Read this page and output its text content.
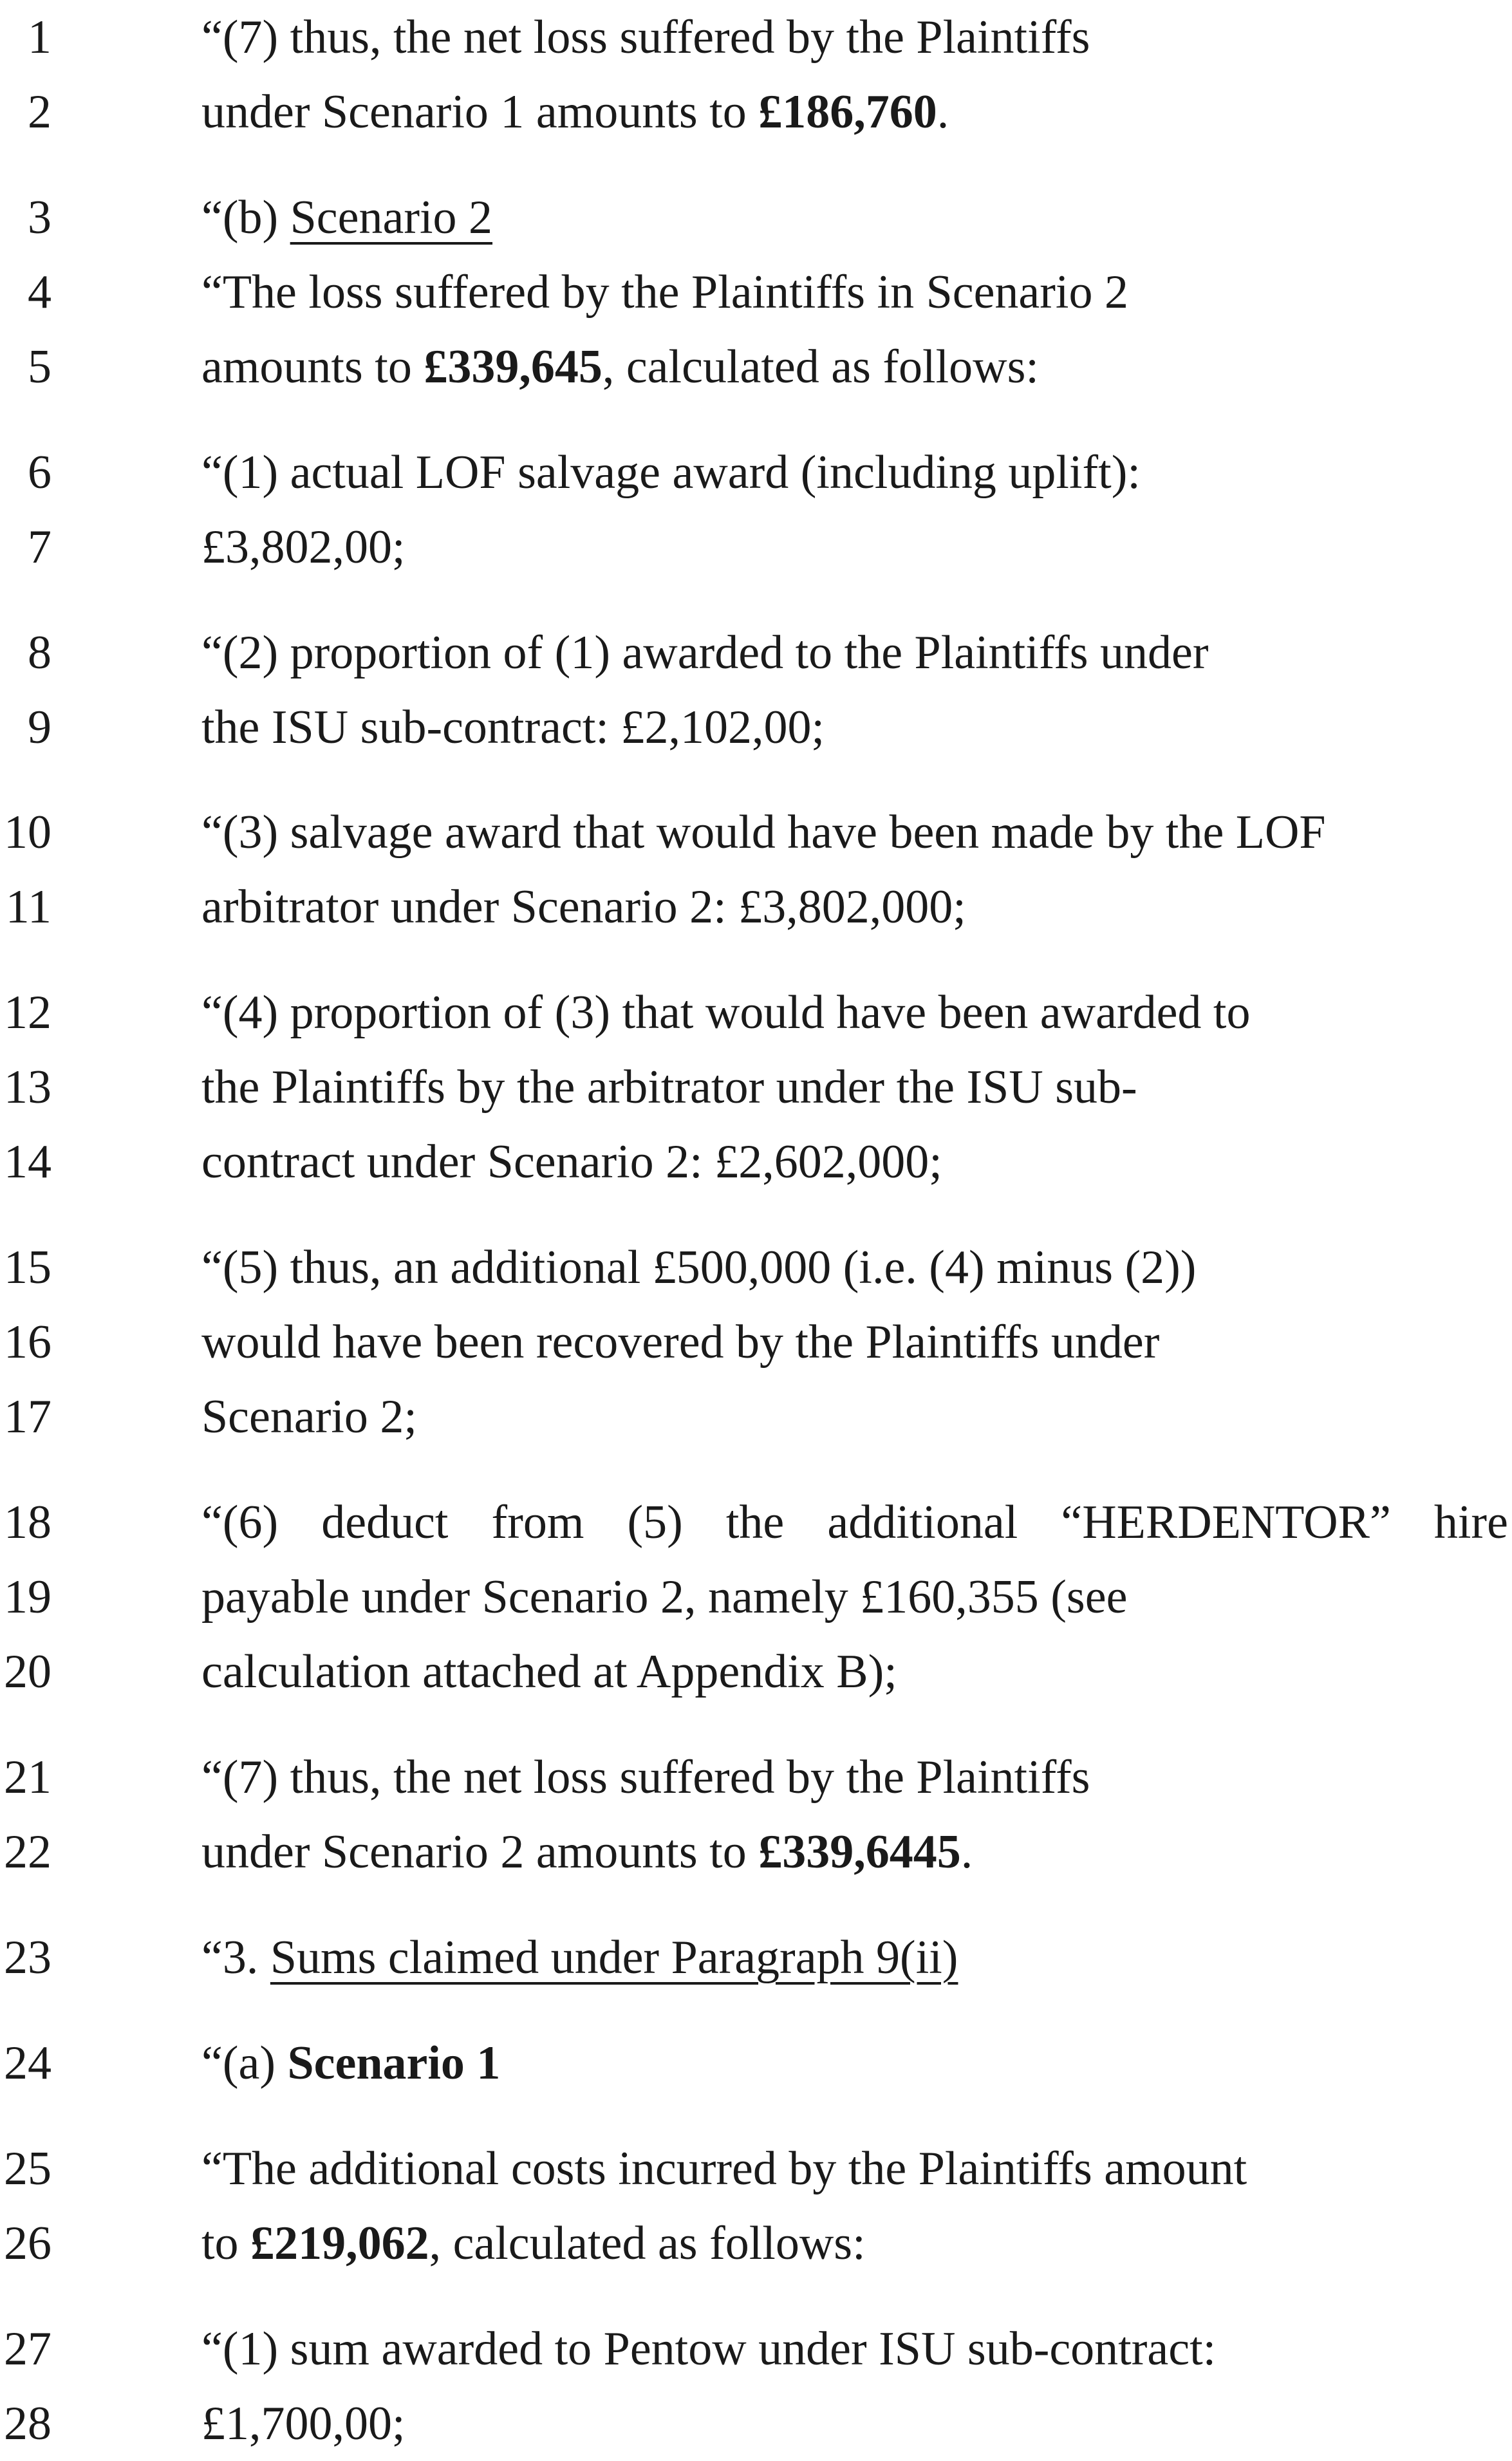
1	“(7) thus, the net loss suffered by the Plaintiffs
2	under Scenario 1 amounts to £186,760.
3	“(b) Scenario 2
4	“The loss suffered by the Plaintiffs in Scenario 2
5	amounts to £339,645, calculated as follows:
6	“(1) actual LOF salvage award (including uplift):
7	£3,802,00;
8	“(2) proportion of (1) awarded to the Plaintiffs under
9	the ISU sub-contract: £2,102,00;
10	“(3) salvage award that would have been made by the LOF
11	arbitrator under Scenario 2: £3,802,000;
12	“(4) proportion of (3) that would have been awarded to
13	the Plaintiffs by the arbitrator under the ISU sub-
14	contract under Scenario 2: £2,602,000;
15	“(5) thus, an additional £500,000 (i.e. (4) minus (2))
16	would have been recovered by the Plaintiffs under
17	Scenario 2;
18	“(6) deduct from (5) the additional “HERDENTOR” hire
19	payable under Scenario 2, namely £160,355 (see
20	calculation attached at Appendix B);
21	“(7) thus, the net loss suffered by the Plaintiffs
22	under Scenario 2 amounts to £339,6445.
23	“3. Sums claimed under Paragraph 9(ii)
24	“(a) Scenario 1
25	“The additional costs incurred by the Plaintiffs amount
26	to £219,062, calculated as follows:
27	“(1) sum awarded to Pentow under ISU sub-contract:
28	£1,700,00;
